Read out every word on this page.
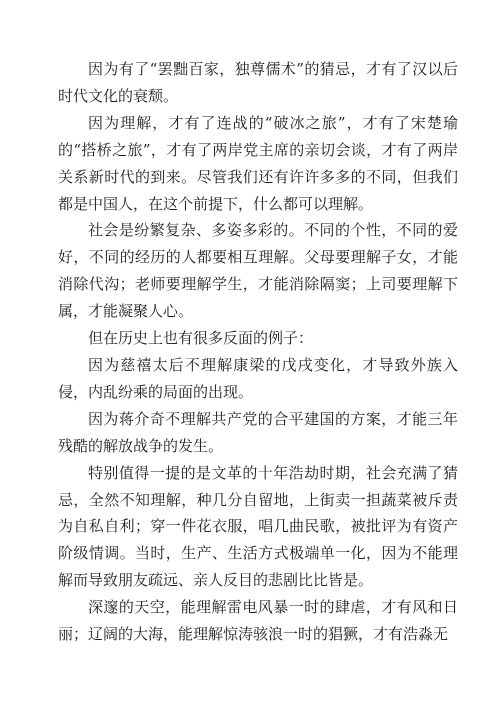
因为有了“罢黜百家，独尊儒术”的猜忌，才有了汉以后时代文化的衰颓。

因为理解，才有了连战的“破冰之旅”，才有了宋楚瑜的“搭桥之旅”，才有了两岸党主席的亲切会谈，才有了两岸关系新时代的到来。尽管我们还有许许多多的不同，但我们都是中国人，在这个前提下，什么都可以理解。

社会是纷繁复杂、多姿多彩的。不同的个性，不同的爱好，不同的经历的人都要相互理解。父母要理解子女，才能消除代沟；老师要理解学生，才能消除隔窦；上司要理解下属，才能凝聚人心。

但在历史上也有很多反面的例子：

因为慈禧太后不理解康梁的戊戌变化，才导致外族入侵，内乱纷乘的局面的出现。

因为蒋介奇不理解共产党的合平建国的方案，才能三年残酷的解放战争的发生。

特别值得一提的是文革的十年浩劫时期，社会充满了猜忌，全然不知理解，种几分自留地，上街卖一担蔬菜被斥责为自私自利；穿一件花衣服，唱几曲民歌，被批评为有资产阶级情调。当时，生产、生活方式极端单一化，因为不能理解而导致朋友疏远、亲人反目的悲剧比比皆是。

深邃的天空，能理解雷电风暴一时的肆虐，才有风和日丽；辽阔的大海，能理解惊涛骇浪一时的猖獗，才有浩淼无
